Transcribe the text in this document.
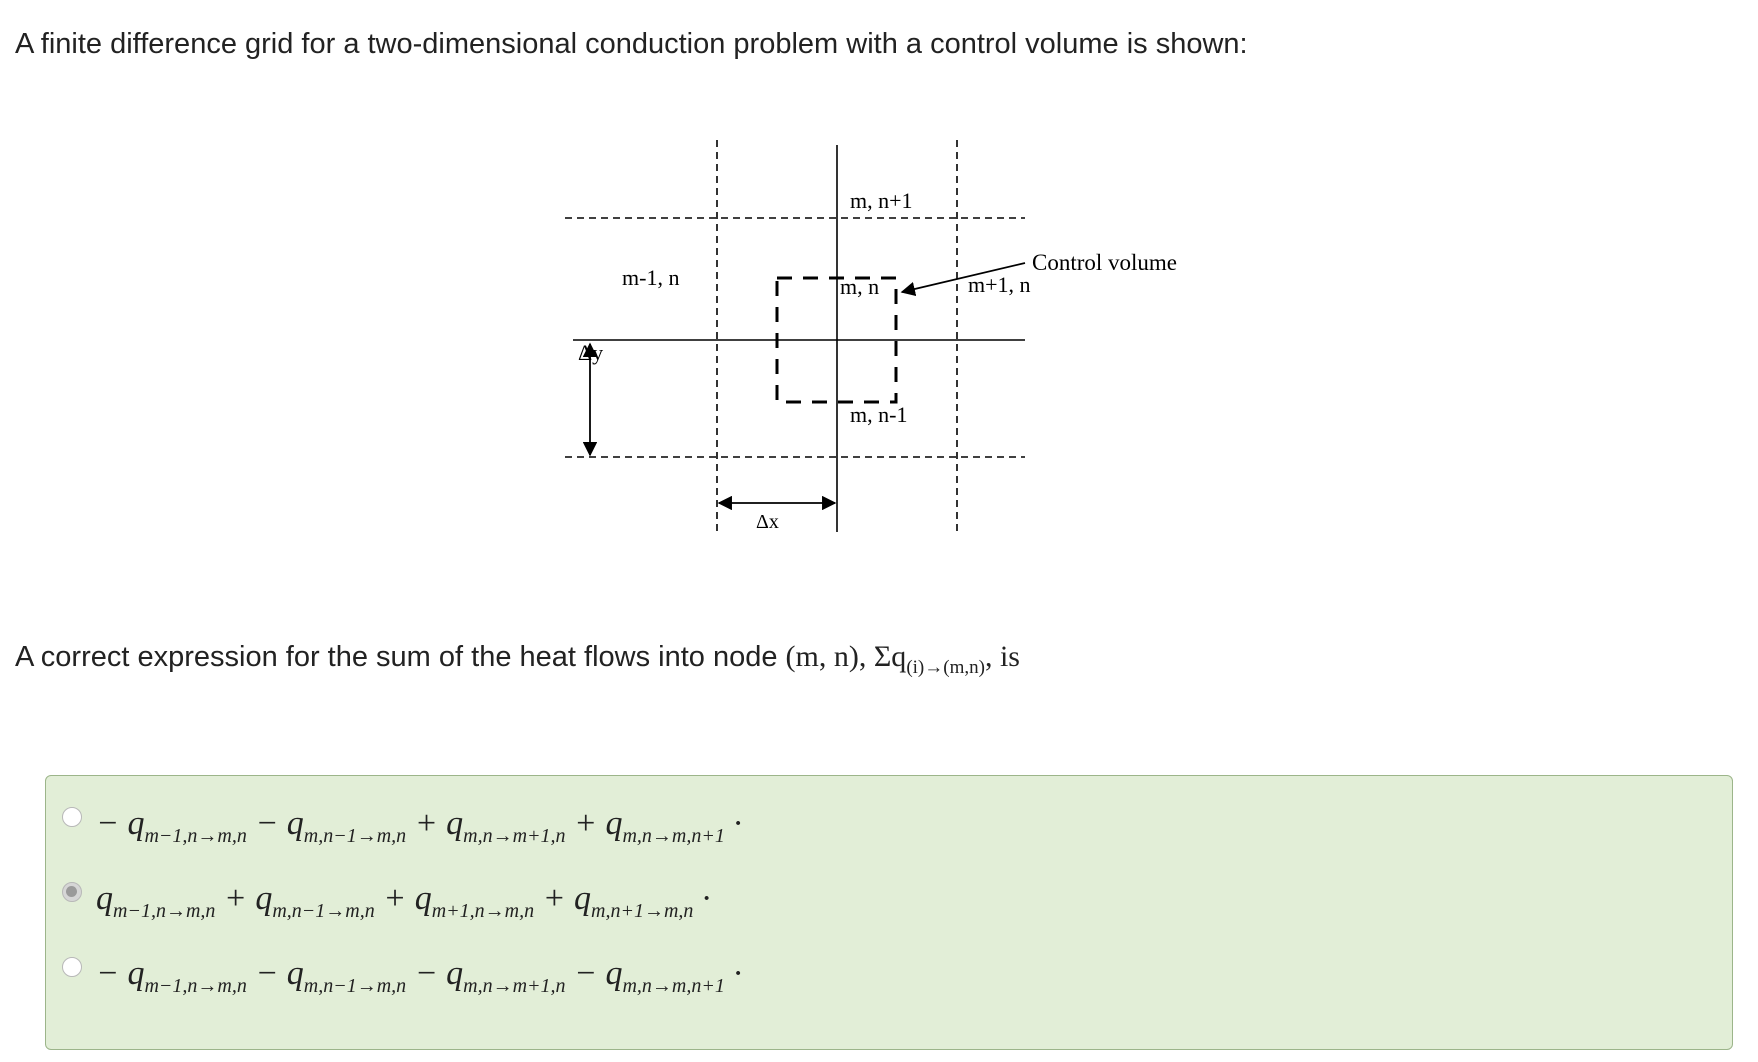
A finite difference grid for a two-dimensional conduction problem with a control volume is shown:
m, n+1
Control volume
m-1, n	m, n	m+1, n
m, n-1
Δy
Δx

A correct expression for the sum of the heat flows into node (m, n), $\Sigma q_{(i)\to(m,n)}$, is

− $q_{m-1,n\to m,n} - q_{m,n-1\to m,n} + q_{m,n\to m+1,n} + q_{m,n\to m,n+1}$ ·
$q_{m-1,n\to m,n} + q_{m,n-1\to m,n} + q_{m+1,n\to m,n} + q_{m,n+1\to m,n}$ ·
− $q_{m-1,n\to m,n} - q_{m,n-1\to m,n} - q_{m,n\to m+1,n} - q_{m,n\to m,n+1}$ ·
